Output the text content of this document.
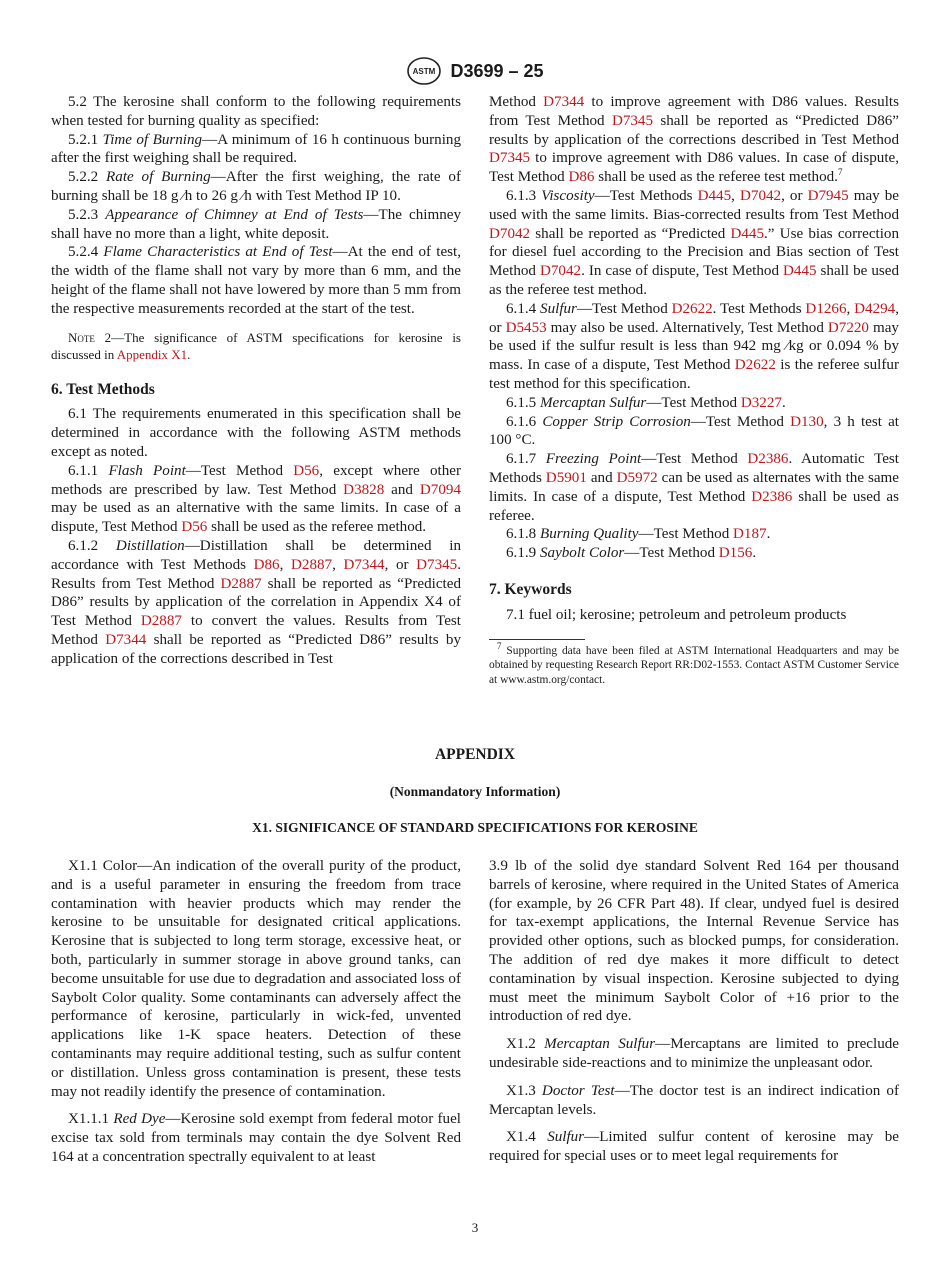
ASTM D3699 – 25

5.2 The kerosine shall conform to the following requirements when tested for burning quality as specified:

5.2.1 Time of Burning—A minimum of 16 h continuous burning after the first weighing shall be required.

5.2.2 Rate of Burning—After the first weighing, the rate of burning shall be 18 g ⁄h to 26 g ⁄h with Test Method IP 10.

5.2.3 Appearance of Chimney at End of Tests—The chimney shall have no more than a light, white deposit.

5.2.4 Flame Characteristics at End of Test—At the end of test, the width of the flame shall not vary by more than 6 mm, and the height of the flame shall not have lowered by more than 5 mm from the respective measurements recorded at the start of the test.

Note 2—The significance of ASTM specifications for kerosine is discussed in Appendix X1.

6. Test Methods

6.1 The requirements enumerated in this specification shall be determined in accordance with the following ASTM methods except as noted.

6.1.1 Flash Point—Test Method D56, except where other methods are prescribed by law. Test Method D3828 and D7094 may be used as an alternative with the same limits. In case of a dispute, Test Method D56 shall be used as the referee method.

6.1.2 Distillation—Distillation shall be determined in accordance with Test Methods D86, D2887, D7344, or D7345. Results from Test Method D2887 shall be reported as “Predicted D86” results by application of the correlation in Appendix X4 of Test Method D2887 to convert the values. Results from Test Method D7344 shall be reported as “Predicted D86” results by application of the corrections described in Test

Method D7344 to improve agreement with D86 values. Results from Test Method D7345 shall be reported as “Predicted D86” results by application of the corrections described in Test Method D7345 to improve agreement with D86 values. In case of dispute, Test Method D86 shall be used as the referee test method.$^7$

6.1.3 Viscosity—Test Methods D445, D7042, or D7945 may be used with the same limits. Bias-corrected results from Test Method D7042 shall be reported as “Predicted D445.” Use bias correction for diesel fuel according to the Precision and Bias section of Test Method D7042. In case of dispute, Test Method D445 shall be used as the referee test method.

6.1.4 Sulfur—Test Method D2622. Test Methods D1266, D4294, or D5453 may also be used. Alternatively, Test Method D7220 may be used if the sulfur result is less than 942 mg ⁄kg or 0.094 % by mass. In case of a dispute, Test Method D2622 is the referee sulfur test method for this specification.

6.1.5 Mercaptan Sulfur—Test Method D3227.

6.1.6 Copper Strip Corrosion—Test Method D130, 3 h test at 100 °C.

6.1.7 Freezing Point—Test Method D2386. Automatic Test Methods D5901 and D5972 can be used as alternates with the same limits. In case of a dispute, Test Method D2386 shall be used as referee.

6.1.8 Burning Quality—Test Method D187.

6.1.9 Saybolt Color—Test Method D156.

7. Keywords

7.1 fuel oil; kerosine; petroleum and petroleum products

$^7$ Supporting data have been filed at ASTM International Headquarters and may be obtained by requesting Research Report RR:D02-1553. Contact ASTM Customer Service at www.astm.org/contact.

APPENDIX
(Nonmandatory Information)
X1. SIGNIFICANCE OF STANDARD SPECIFICATIONS FOR KEROSINE

X1.1 Color—An indication of the overall purity of the product, and is a useful parameter in ensuring the freedom from trace contamination with heavier products which may render the kerosine to be unsuitable for designated critical applications. Kerosine that is subjected to long term storage, excessive heat, or both, particularly in summer storage in above ground tanks, can become unsuitable for use due to degradation and associated loss of Saybolt Color quality. Some contaminants can adversely affect the performance of kerosine, particularly in wick-fed, unvented applications like 1-K space heaters. Detection of these contaminants may require additional testing, such as sulfur content or distillation. Unless gross contamination is present, these tests may not readily identify the presence of contamination.

X1.1.1 Red Dye—Kerosine sold exempt from federal motor fuel excise tax sold from terminals may contain the dye Solvent Red 164 at a concentration spectrally equivalent to at least

3.9 lb of the solid dye standard Solvent Red 164 per thousand barrels of kerosine, where required in the United States of America (for example, by 26 CFR Part 48). If clear, undyed fuel is desired for tax-exempt applications, the Internal Revenue Service has provided other options, such as blocked pumps, for consideration. The addition of red dye makes it more difficult to detect contamination by visual inspection. Kerosine subjected to dying must meet the minimum Saybolt Color of +16 prior to the introduction of red dye.

X1.2 Mercaptan Sulfur—Mercaptans are limited to preclude undesirable side-reactions and to minimize the unpleasant odor.

X1.3 Doctor Test—The doctor test is an indirect indication of Mercaptan levels.

X1.4 Sulfur—Limited sulfur content of kerosine may be required for special uses or to meet legal requirements for

3
